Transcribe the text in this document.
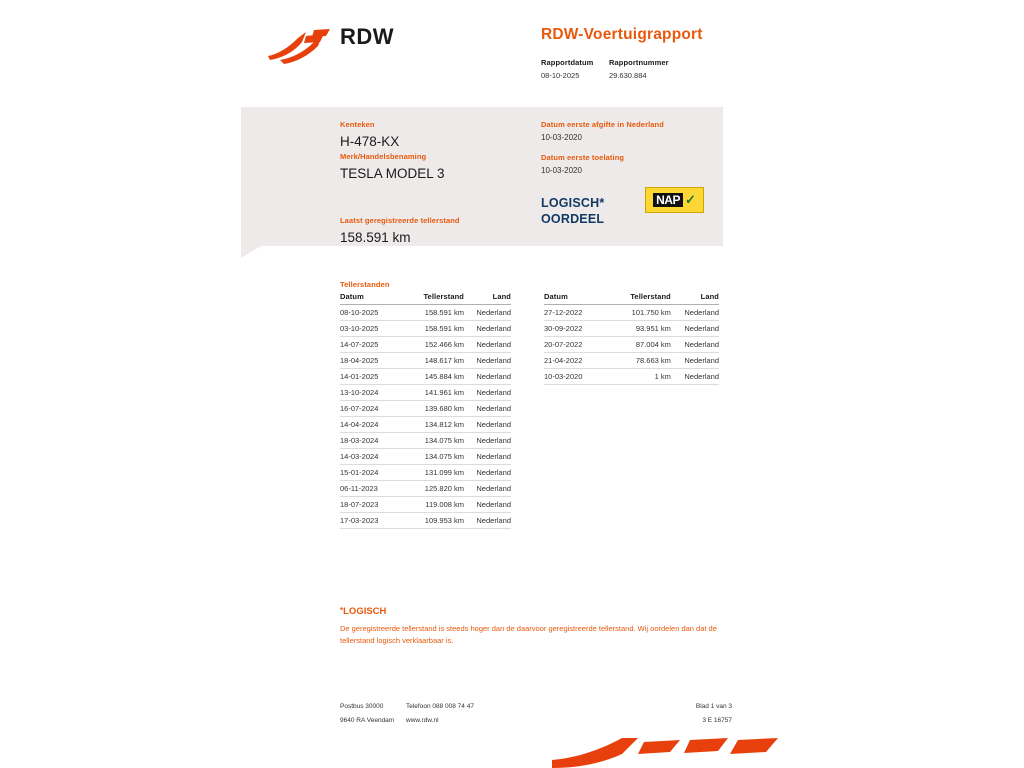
RDW	RDW-Voertuigrapport
Rapportdatum	Rapportnummer
08-10-2025	29.630.884
Kenteken
H-478-KX
Merk/Handelsbenaming
TESLA MODEL 3
Laatst geregistreerde tellerstand
158.591 km
Datum eerste afgifte in Nederland
10-03-2020
Datum eerste toelating
10-03-2020
LOGISCH*
OORDEEL
NAP ✓
Tellerstanden
Datum	Tellerstand	Land
08-10-2025	158.591 km	Nederland
03-10-2025	158.591 km	Nederland
14-07-2025	152.466 km	Nederland
18-04-2025	148.617 km	Nederland
14-01-2025	145.884 km	Nederland
13-10-2024	141.961 km	Nederland
16-07-2024	139.680 km	Nederland
14-04-2024	134.812 km	Nederland
18-03-2024	134.075 km	Nederland
14-03-2024	134.075 km	Nederland
15-01-2024	131.099 km	Nederland
06-11-2023	125.820 km	Nederland
18-07-2023	119.008 km	Nederland
17-03-2023	109.953 km	Nederland
Datum	Tellerstand	Land
27-12-2022	101.750 km	Nederland
30-09-2022	93.951 km	Nederland
20-07-2022	87.004 km	Nederland
21-04-2022	78.663 km	Nederland
10-03-2020	1 km	Nederland
*LOGISCH
De geregistreerde tellerstand is steeds hoger dan de daarvoor geregistreerde tellerstand. Wij oordelen dan dat de tellerstand logisch verklaarbaar is.
Postbus 30000	Telefoon 088 008 74 47
9640 RA Veendam	www.rdw.nl
Blad 1 van 3
3 E 16757
